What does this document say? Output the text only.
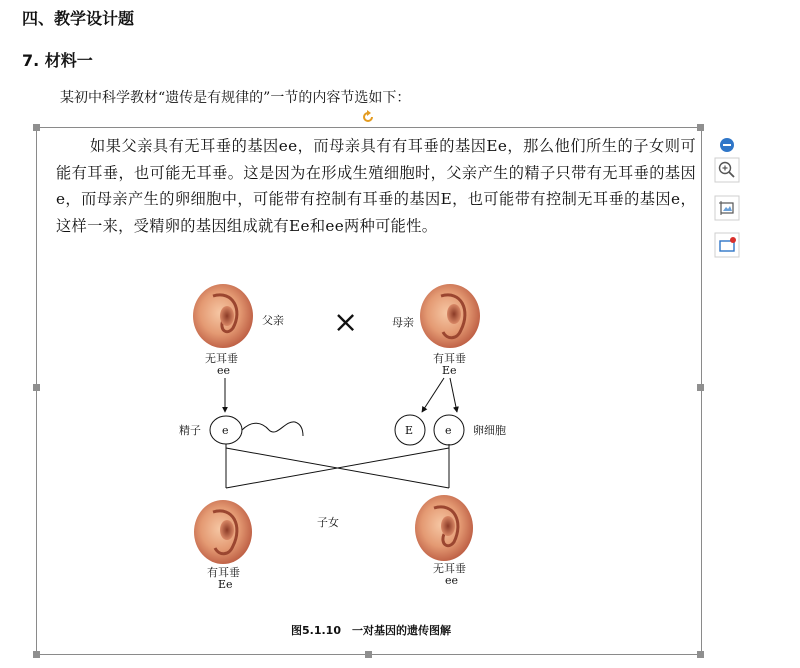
四、教学设计题
7. 材料一
某初中科学教材“遗传是有规律的”一节的内容节选如下：

如果父亲具有无耳垂的基因ee，而母亲具有有耳垂的基因Ee，那么他们所生的子女则可能有耳垂，也可能无耳垂。这是因为在形成生殖细胞时，父亲产生的精子只带有无耳垂的基因e，而母亲产生的卵细胞中，可能带有控制有耳垂的基因E，也可能带有控制无耳垂的基因e，这样一来，受精卵的基因组成就有Ee和ee两种可能性。

父亲 ×	母亲
无耳垂
ee
有耳垂
Ee
精子 e	E	e 卵细胞
子女
有耳垂
Ee
无耳垂
ee
图5.1.10　一对基因的遗传图解
